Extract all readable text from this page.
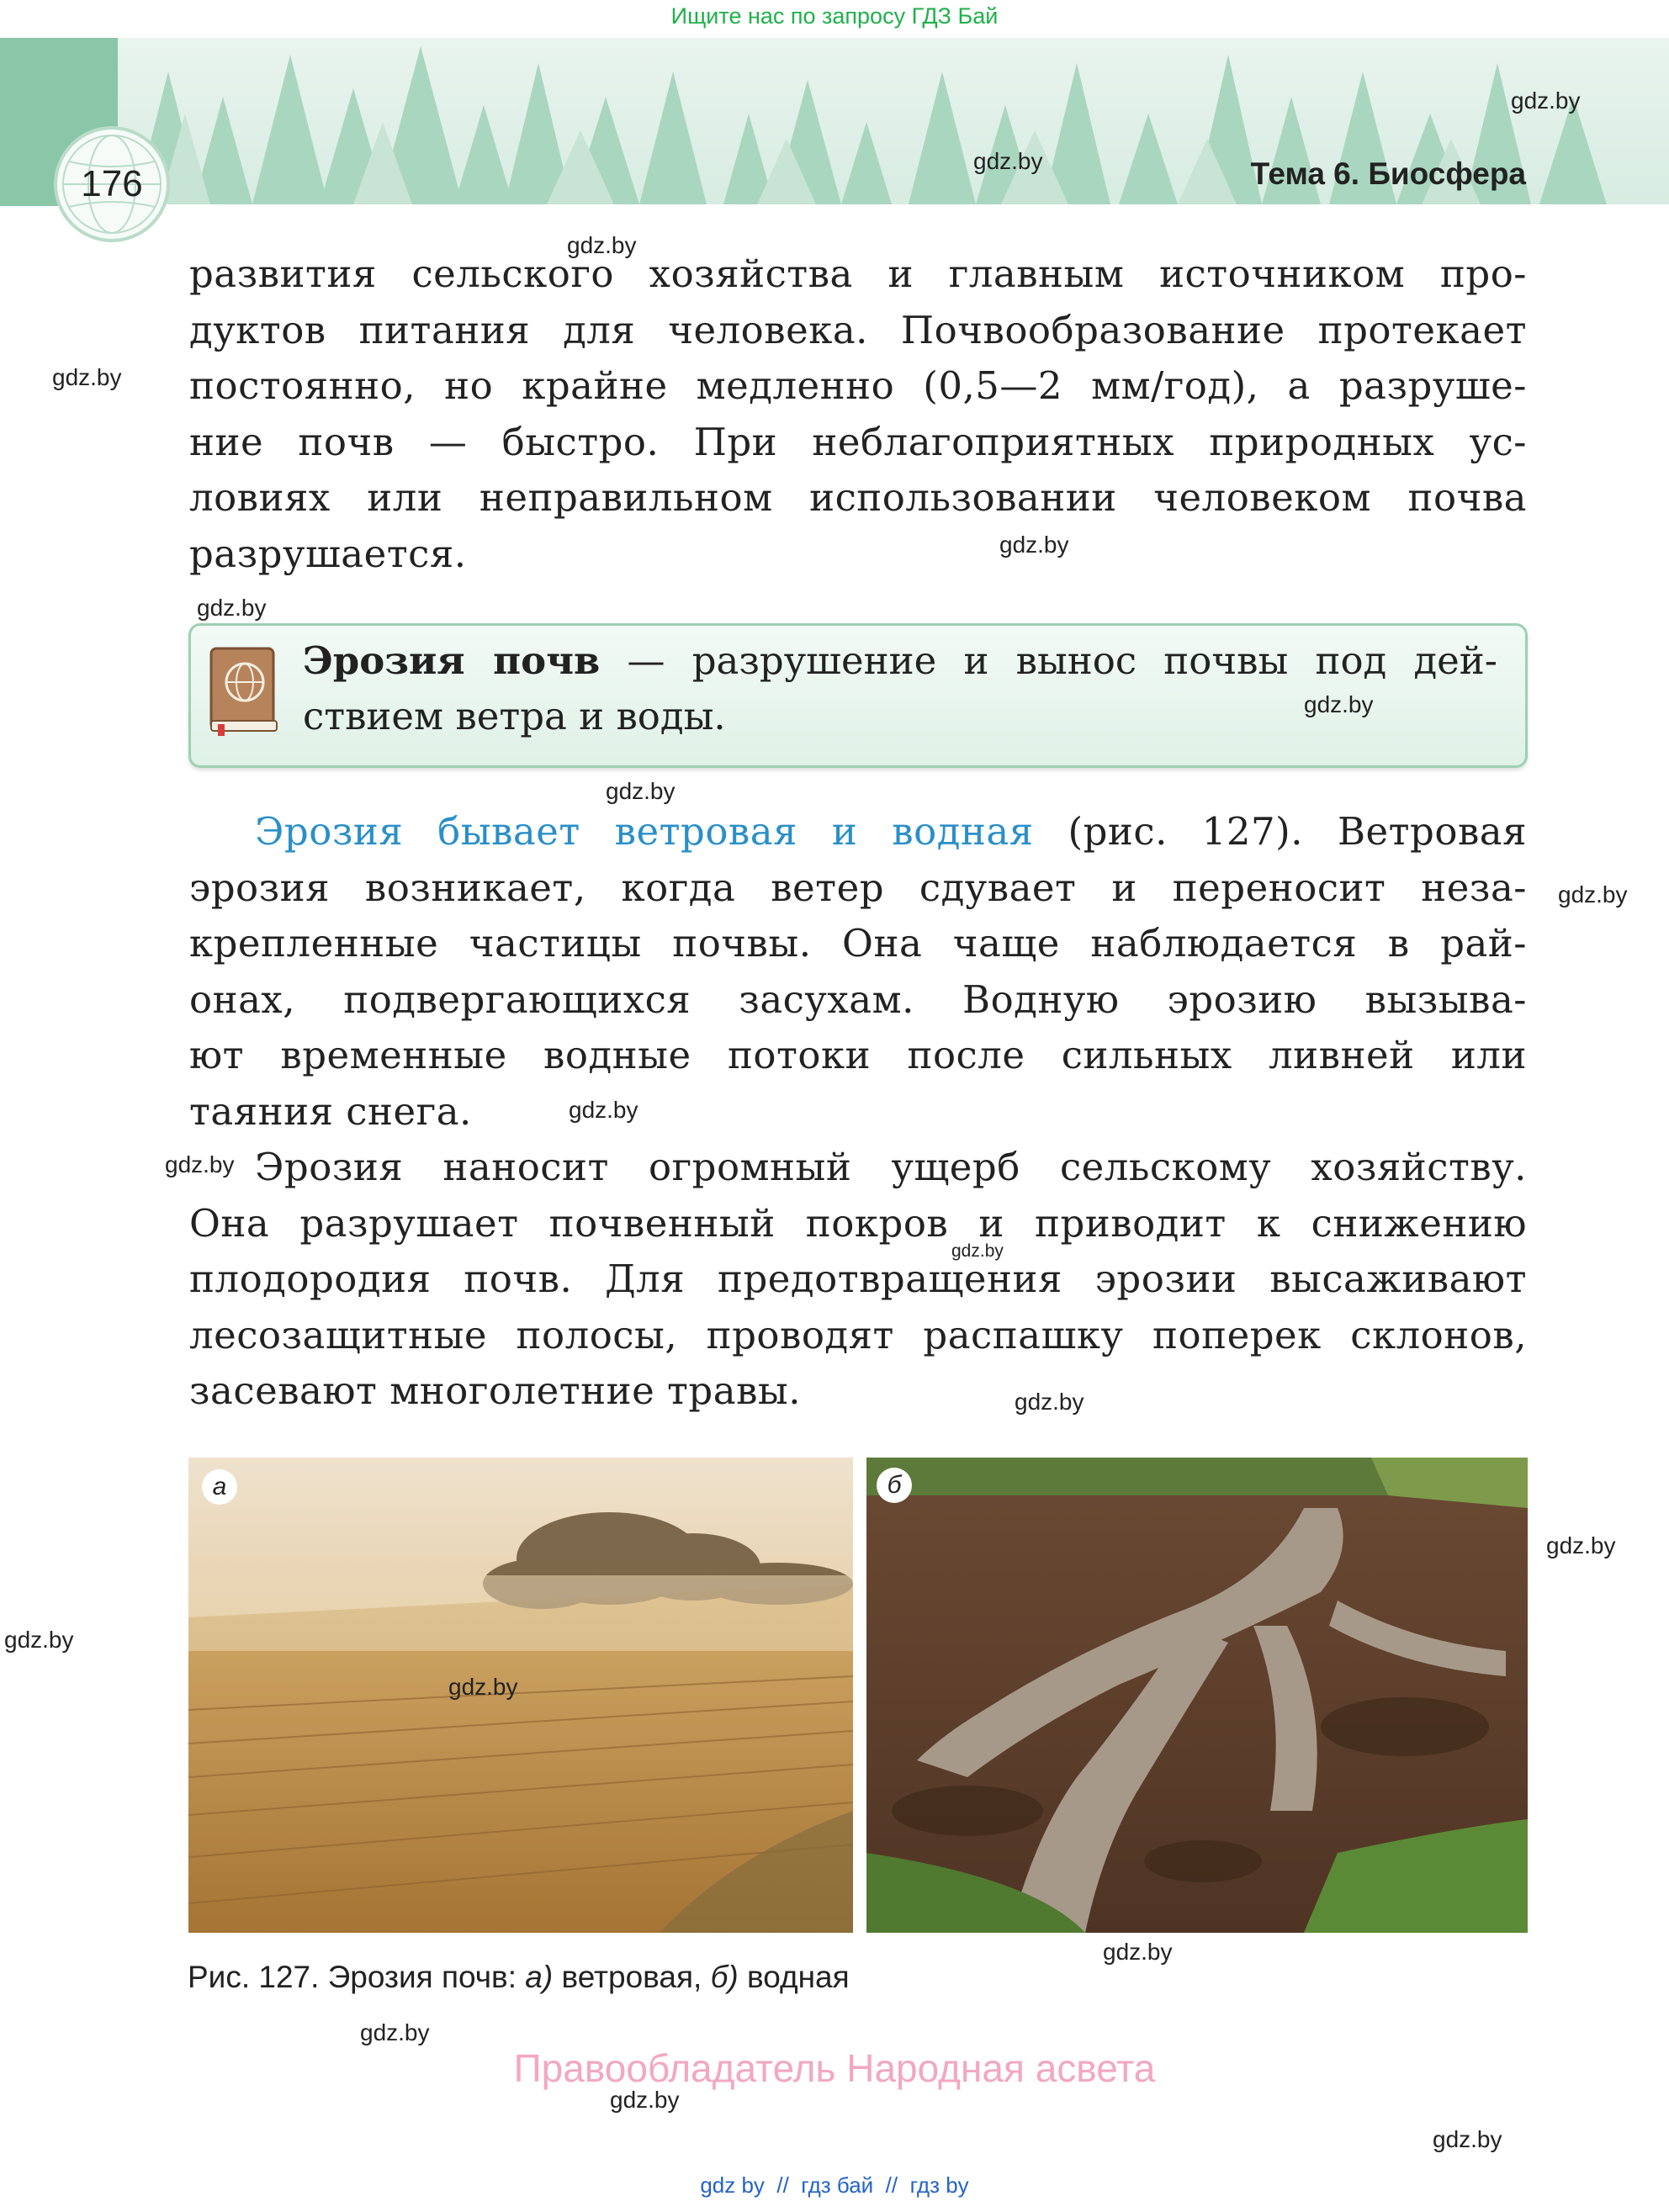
Ищите нас по запросу ГДЗ Бай
176	Тема 6. Биосфера
развития сельского хозяйства и главным источником про-
дуктов питания для человека. Почвообразование протекает
постоянно, но крайне медленно (0,5—2 мм/год), а разруше-
ние почв — быстро. При неблагоприятных природных ус-
ловиях или неправильном использовании человеком почва
разрушается.
Эрозия почв — разрушение и вынос почвы под дей-
ствием ветра и воды.
Эрозия бывает ветровая и водная (рис. 127). Ветровая
эрозия возникает, когда ветер сдувает и переносит неза-
крепленные частицы почвы. Она чаще наблюдается в рай-
онах, подвергающихся засухам. Водную эрозию вызыва-
ют временные водные потоки после сильных ливней или
таяния снега.
Эрозия наносит огромный ущерб сельскому хозяйству.
Она разрушает почвенный покров и приводит к снижению
плодородия почв. Для предотвращения эрозии высаживают
лесозащитные полосы, проводят распашку поперек склонов,
засевают многолетние травы.
а	б
Рис. 127. Эрозия почв: а) ветровая, б) водная
Правообладатель Народная асвета
gdz.by
gdz.by
gdz.by
gdz.by
gdz.by
gdz.by
gdz.by
gdz.by
gdz.by
gdz.by
gdz.by
gdz.by
gdz.by
gdz.by
gdz.by
gdz.by
gdz.by
gdz.by
gdz.by
gdz.by
gdz by // гдз бай // гдз by
